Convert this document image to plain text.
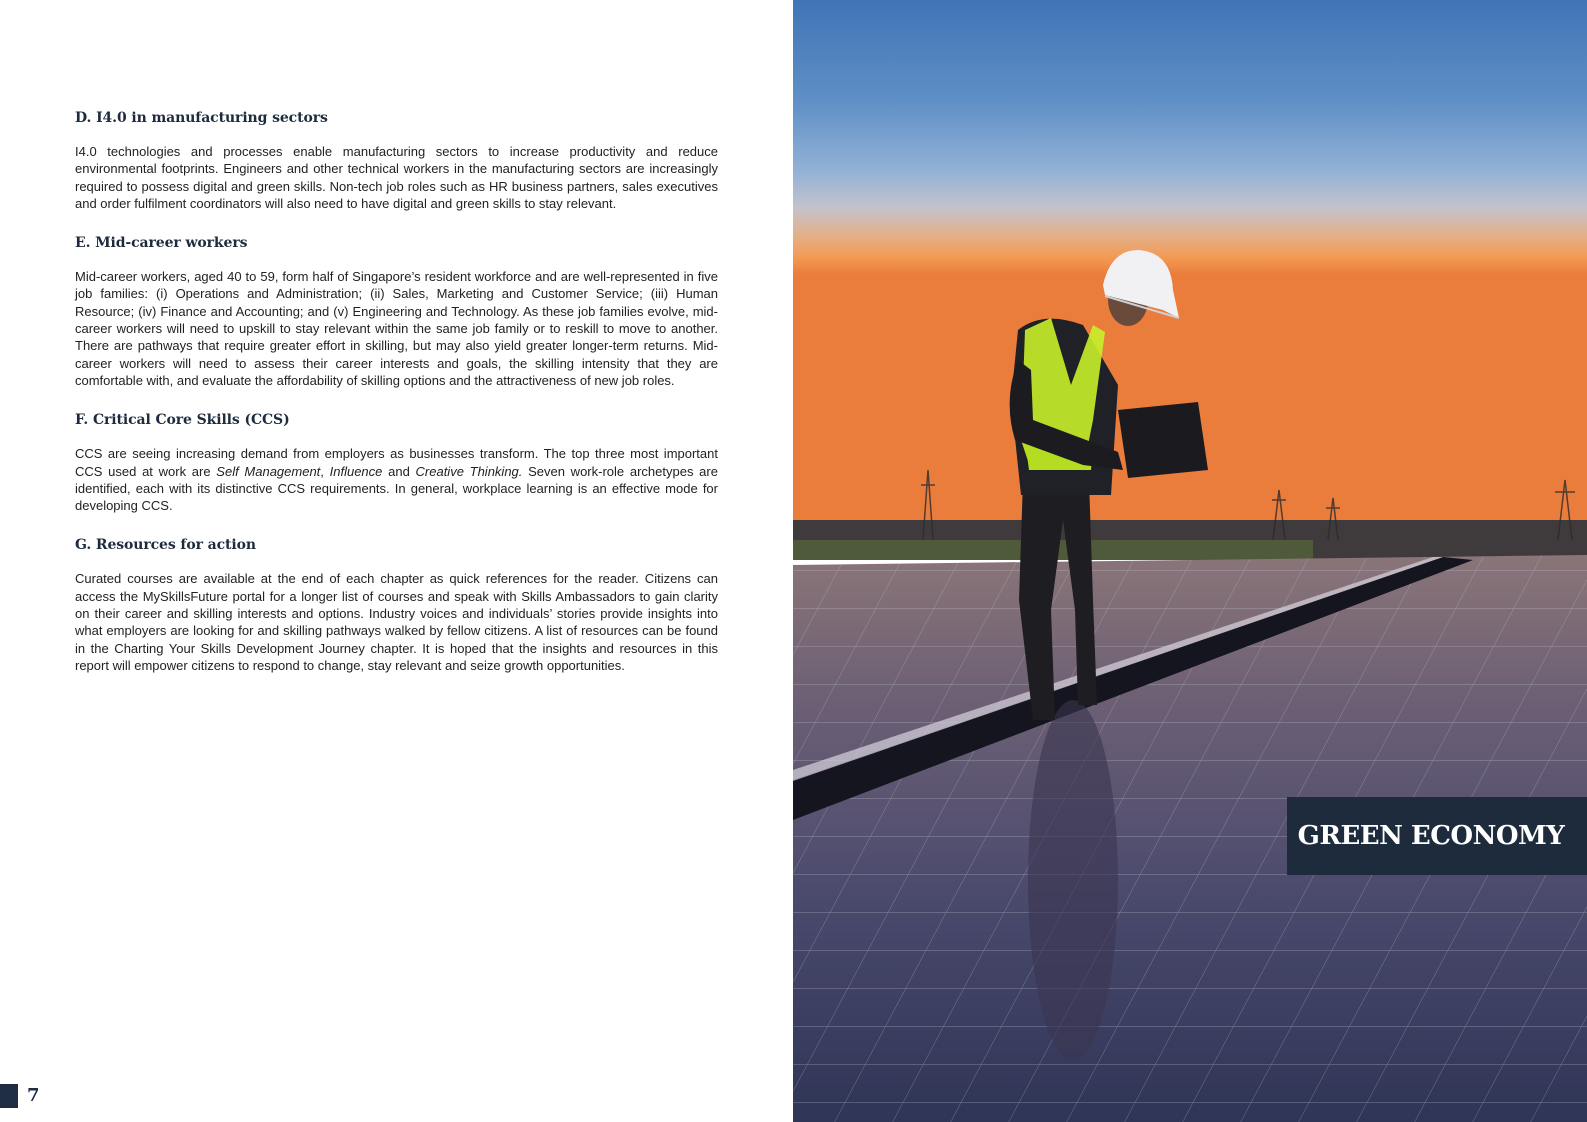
D. I4.0 in manufacturing sectors

I4.0 technologies and processes enable manufacturing sectors to increase productivity and reduce environmental footprints. Engineers and other technical workers in the manufacturing sectors are increasingly required to possess digital and green skills. Non-tech job roles such as HR business partners, sales executives and order fulfilment coordinators will also need to have digital and green skills to stay relevant.

E. Mid-career workers

Mid-career workers, aged 40 to 59, form half of Singapore’s resident workforce and are well-represented in five job families: (i) Operations and Administration; (ii) Sales, Marketing and Customer Service; (iii) Human Resource; (iv) Finance and Accounting; and (v) Engineering and Technology. As these job families evolve, mid-career workers will need to upskill to stay relevant within the same job family or to reskill to move to another. There are pathways that require greater effort in skilling, but may also yield greater longer-term returns. Mid-career workers will need to assess their career interests and goals, the skilling intensity that they are comfortable with, and evaluate the affordability of skilling options and the attractiveness of new job roles.

F. Critical Core Skills (CCS)

CCS are seeing increasing demand from employers as businesses transform. The top three most important CCS used at work are Self Management, Influence and Creative Thinking. Seven work-role archetypes are identified, each with its distinctive CCS requirements. In general, workplace learning is an effective mode for developing CCS.

G. Resources for action

Curated courses are available at the end of each chapter as quick references for the reader. Citizens can access the MySkillsFuture portal for a longer list of courses and speak with Skills Ambassadors to gain clarity on their career and skilling interests and options. Industry voices and individuals’ stories provide insights into what employers are looking for and skilling pathways walked by fellow citizens. A list of resources can be found in the Charting Your Skills Development Journey chapter. It is hoped that the insights and resources in this report will empower citizens to respond to change, stay relevant and seize growth opportunities.

7
GREEN ECONOMY
